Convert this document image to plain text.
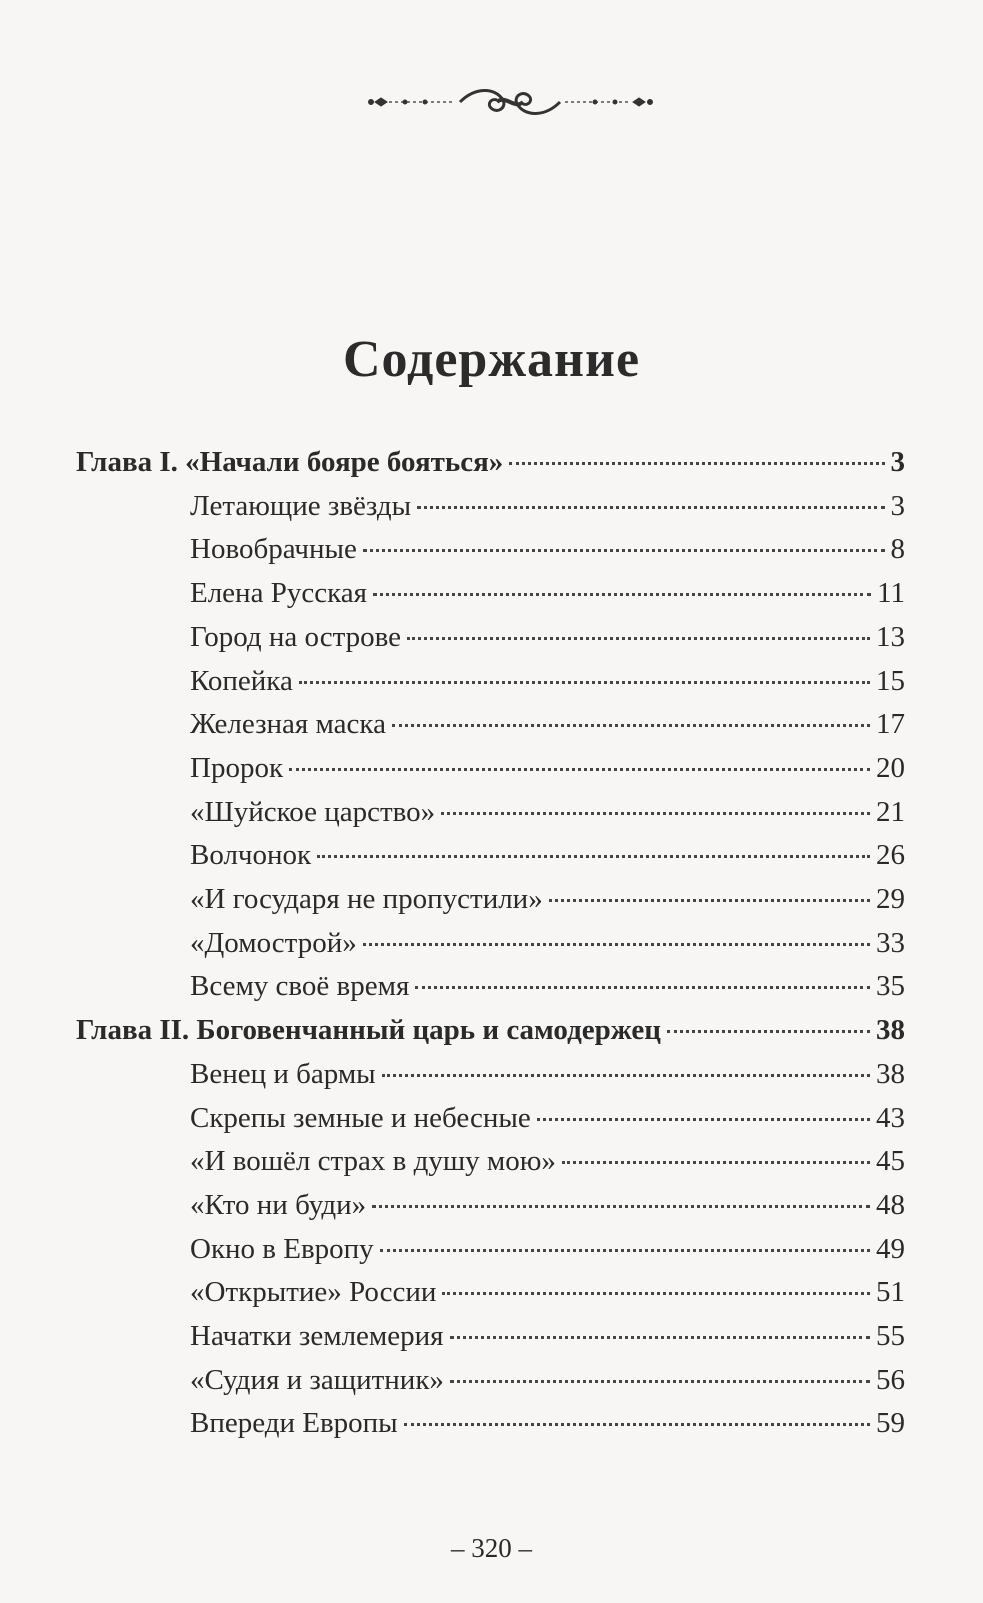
Содержание
Глава I. «Начали бояре бояться»	3
Летающие звёзды	3
Новобрачные	8
Елена Русская	11
Город на острове	13
Копейка	15
Железная маска	17
Пророк	20
«Шуйское царство»	21
Волчонок	26
«И государя не пропустили»	29
«Домострой»	33
Всему своё время	35
Глава II. Боговенчанный царь и самодержец	38
Венец и бармы	38
Скрепы земные и небесные	43
«И вошёл страх в душу мою»	45
«Кто ни буди»	48
Окно в Европу	49
«Открытие» России	51
Начатки землемерия	55
«Судия и защитник»	56
Впереди Европы	59
– 320 –
